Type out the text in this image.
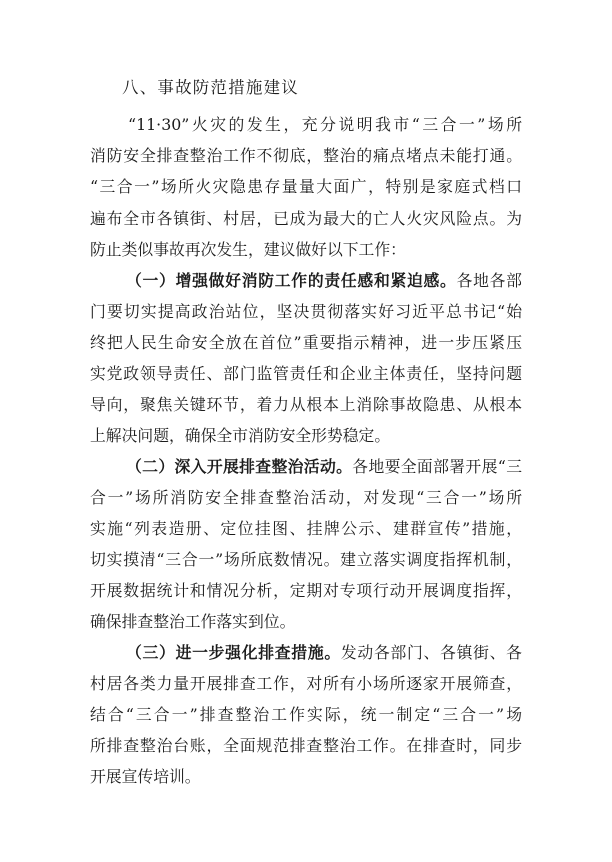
八、事故防范措施建议
“11·30”火灾的发生，充分说明我市“三合一”场所
消防安全排查整治工作不彻底，整治的痛点堵点未能打通。
“三合一”场所火灾隐患存量量大面广，特别是家庭式档口
遍布全市各镇街、村居，已成为最大的亡人火灾风险点。为
防止类似事故再次发生，建议做好以下工作：
（一）增强做好消防工作的责任感和紧迫感。各地各部
门要切实提高政治站位，坚决贯彻落实好习近平总书记“始
终把人民生命安全放在首位”重要指示精神，进一步压紧压
实党政领导责任、部门监管责任和企业主体责任，坚持问题
导向，聚焦关键环节，着力从根本上消除事故隐患、从根本
上解决问题，确保全市消防安全形势稳定。
（二）深入开展排查整治活动。各地要全面部署开展“三
合一”场所消防安全排查整治活动，对发现“三合一”场所
实施“列表造册、定位挂图、挂牌公示、建群宣传”措施，
切实摸清“三合一”场所底数情况。建立落实调度指挥机制，
开展数据统计和情况分析，定期对专项行动开展调度指挥，
确保排查整治工作落实到位。
（三）进一步强化排查措施。发动各部门、各镇街、各
村居各类力量开展排查工作，对所有小场所逐家开展筛查，
结合“三合一”排查整治工作实际，统一制定“三合一”场
所排查整治台账，全面规范排查整治工作。在排查时，同步
开展宣传培训。
